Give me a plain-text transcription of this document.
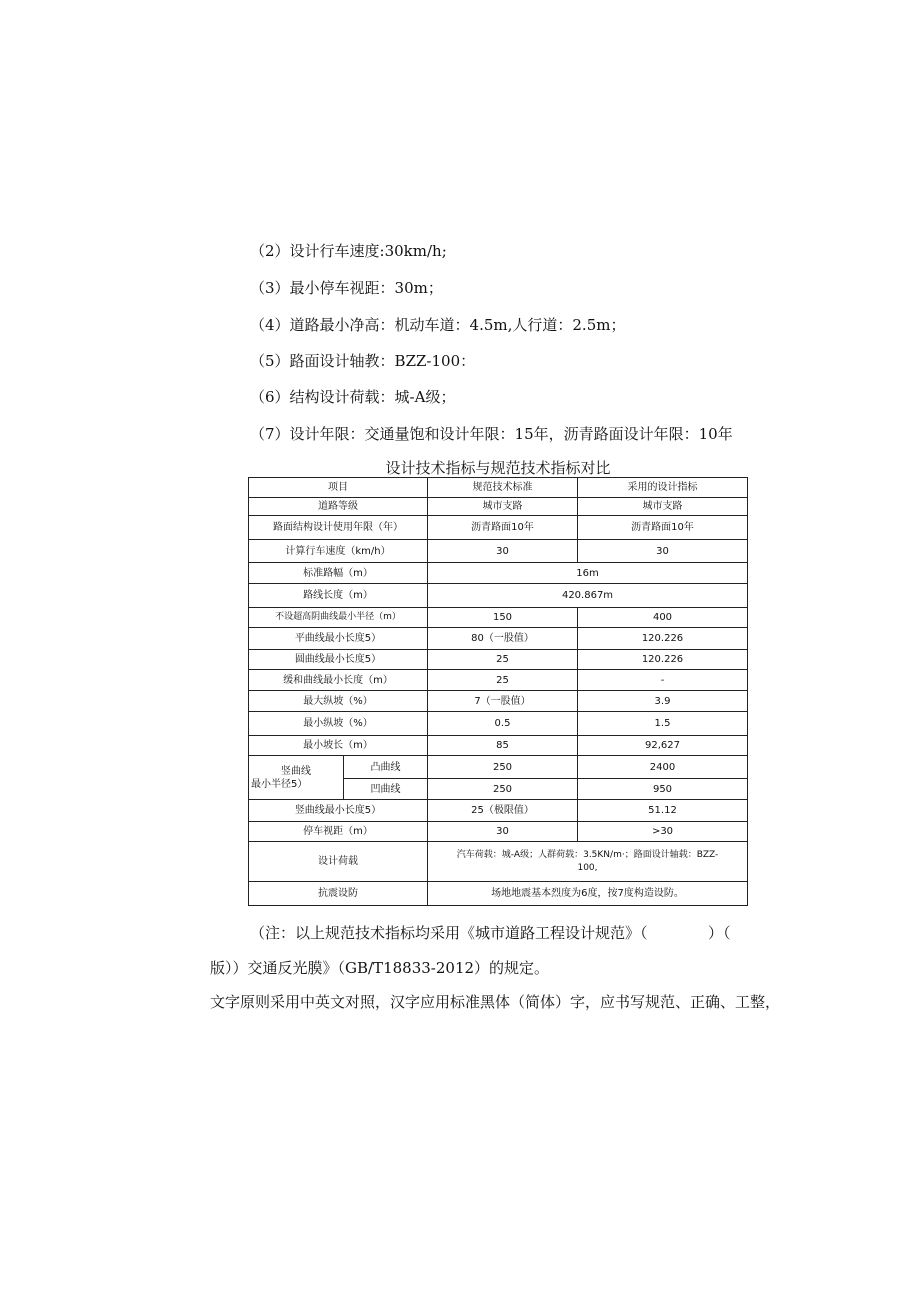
（2）设计行车速度:30km/h;
（3）最小停车视距：30m；
（4）道路最小净高：机动车道：4.5m,人行道：2.5m；
（5）路面设计轴教：BZZ-100：
（6）结构设计荷载：城-A级；
（7）设计年限：交通量饱和设计年限：15年，沥青路面设计年限：10年
设计技术指标与规范技术指标对比
项目		规范技术标准	采用的设计指标
道路等级		城市支路	城市支路
路面结构设计使用年限（年）		沥青路面10年	沥青路面10年
计算行车速度（km/h）		30	30
标准路幅（m）		16m	
路线长度（m）		420.867m	
不设超高阴曲线最小半径（m）		150	400
平曲线最小长度5）		80（一股值）	120.226
圆曲线最小长度5）		25	120.226
缓和曲线最小长度（m）		25	-
最大纵坡（%）		7（一股值）	3.9
最小纵坡（%）		0.5	1.5
最小坡长（m）		85	92,627

竖曲线
最小半径5）	凸曲线	250	2400
	凹曲线	250	950
竖曲线最小长度5）		25（极限值）	51.12
停车视距（m）		30	>30
设计荷载		汽车荷载：城-A级；人群荷载：3.5KN/m·；路面设计轴载：BZZ-
100,	

抗震设防		场地地震基本烈度为6度，按7度构造设防。	
（注：以上规范技术指标均采用《城市道路工程设计规范》（	）（
版））交通反光膜》（GB/T18833-2012）的规定。
文字原则采用中英文对照，汉字应用标准黑体（简体）字，应书写规范、正确、工整，
